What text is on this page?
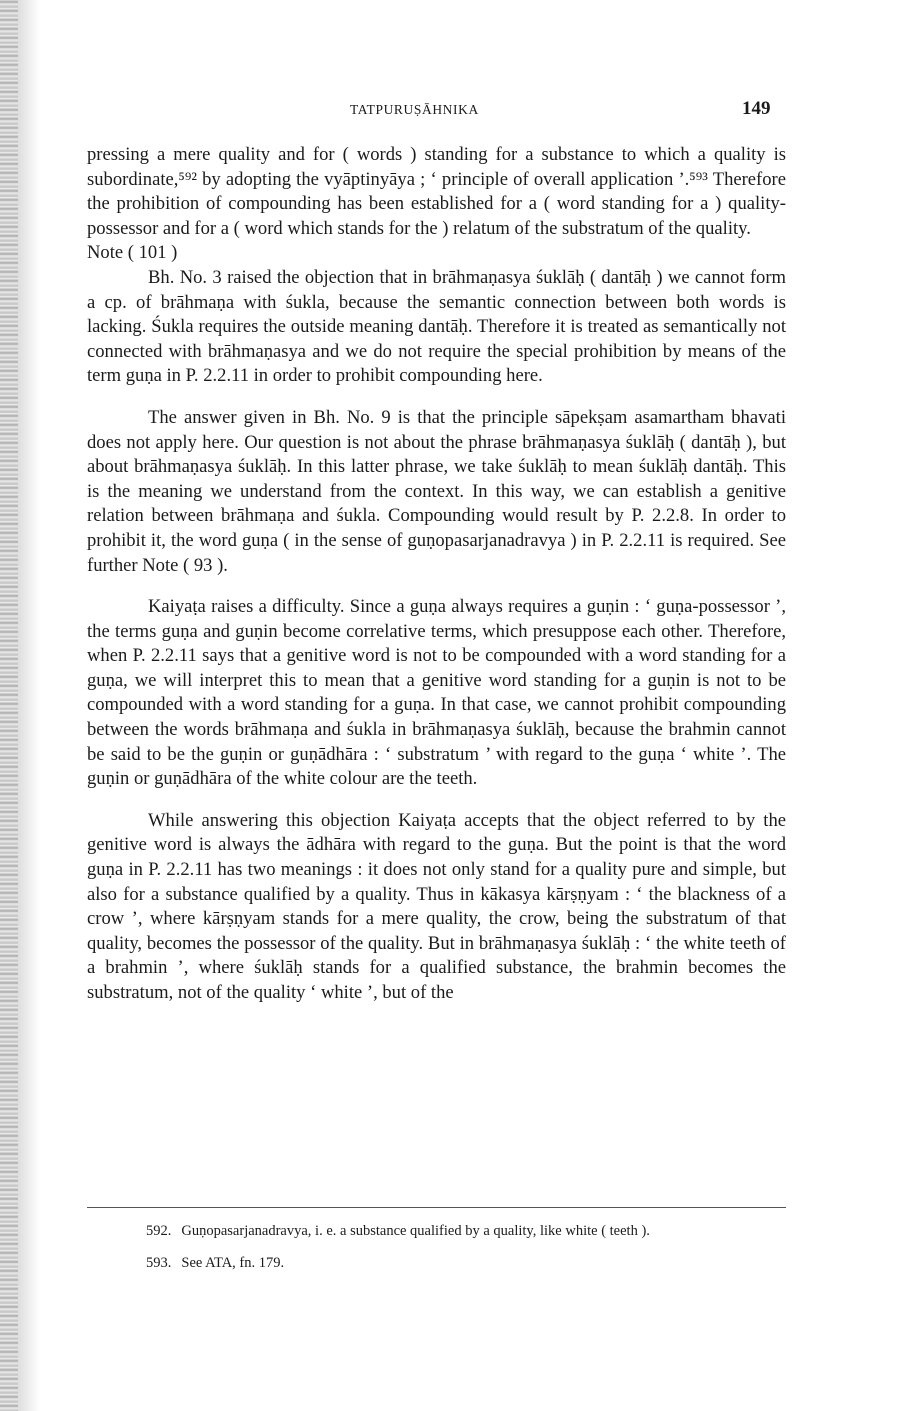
TATPURUṢĀHNIKA	149

pressing a mere quality and for ( words ) standing for a substance to which a quality is subordinate,⁵⁹² by adopting the vyāptinyāya ; ‘ principle of overall application ’.⁵⁹³ Therefore the prohibition of compounding has been established for a ( word standing for a ) quality-possessor and for a ( word which stands for the ) relatum of the substratum of the quality.

Note ( 101 )

Bh. No. 3 raised the objection that in brāhmaṇasya śuklāḥ ( dantāḥ ) we cannot form a cp. of brāhmaṇa with śukla, because the semantic connection between both words is lacking. Śukla requires the outside meaning dantāḥ. Therefore it is treated as semantically not connected with brāhmaṇasya and we do not require the special prohibition by means of the term guṇa in P. 2.2.11 in order to prohibit compounding here.

The answer given in Bh. No. 9 is that the principle sāpekṣam asamartham bhavati does not apply here. Our question is not about the phrase brāhmaṇasya śuklāḥ ( dantāḥ ), but about brāhmaṇasya śuklāḥ. In this latter phrase, we take śuklāḥ to mean śuklāḥ dantāḥ. This is the meaning we understand from the context. In this way, we can establish a genitive relation between brāhmaṇa and śukla. Compounding would result by P. 2.2.8. In order to prohibit it, the word guṇa ( in the sense of guṇopasarjanadravya ) in P. 2.2.11 is required. See further Note ( 93 ).

Kaiyaṭa raises a difficulty. Since a guṇa always requires a guṇin : ‘ guṇa-possessor ’, the terms guṇa and guṇin become correlative terms, which presuppose each other. Therefore, when P. 2.2.11 says that a genitive word is not to be compounded with a word standing for a guṇa, we will interpret this to mean that a genitive word standing for a guṇin is not to be compounded with a word standing for a guṇa. In that case, we cannot prohibit compounding between the words brāhmaṇa and śukla in brāhmaṇasya śuklāḥ, because the brahmin cannot be said to be the guṇin or guṇādhāra : ‘ substratum ’ with regard to the guṇa ‘ white ’. The guṇin or guṇādhāra of the white colour are the teeth.

While answering this objection Kaiyaṭa accepts that the object referred to by the genitive word is always the ādhāra with regard to the guṇa. But the point is that the word guṇa in P. 2.2.11 has two meanings : it does not only stand for a quality pure and simple, but also for a substance qualified by a quality. Thus in kākasya kārṣṇyam : ‘ the blackness of a crow ’, where kārṣṇyam stands for a mere quality, the crow, being the substratum of that quality, becomes the possessor of the quality. But in brāhmaṇasya śuklāḥ : ‘ the white teeth of a brahmin ’, where śuklāḥ stands for a qualified substance, the brahmin becomes the substratum, not of the quality ‘ white ’, but of the

592. Guṇopasarjanadravya, i. e. a substance qualified by a quality, like white ( teeth ).

593. See ATA, fn. 179.
